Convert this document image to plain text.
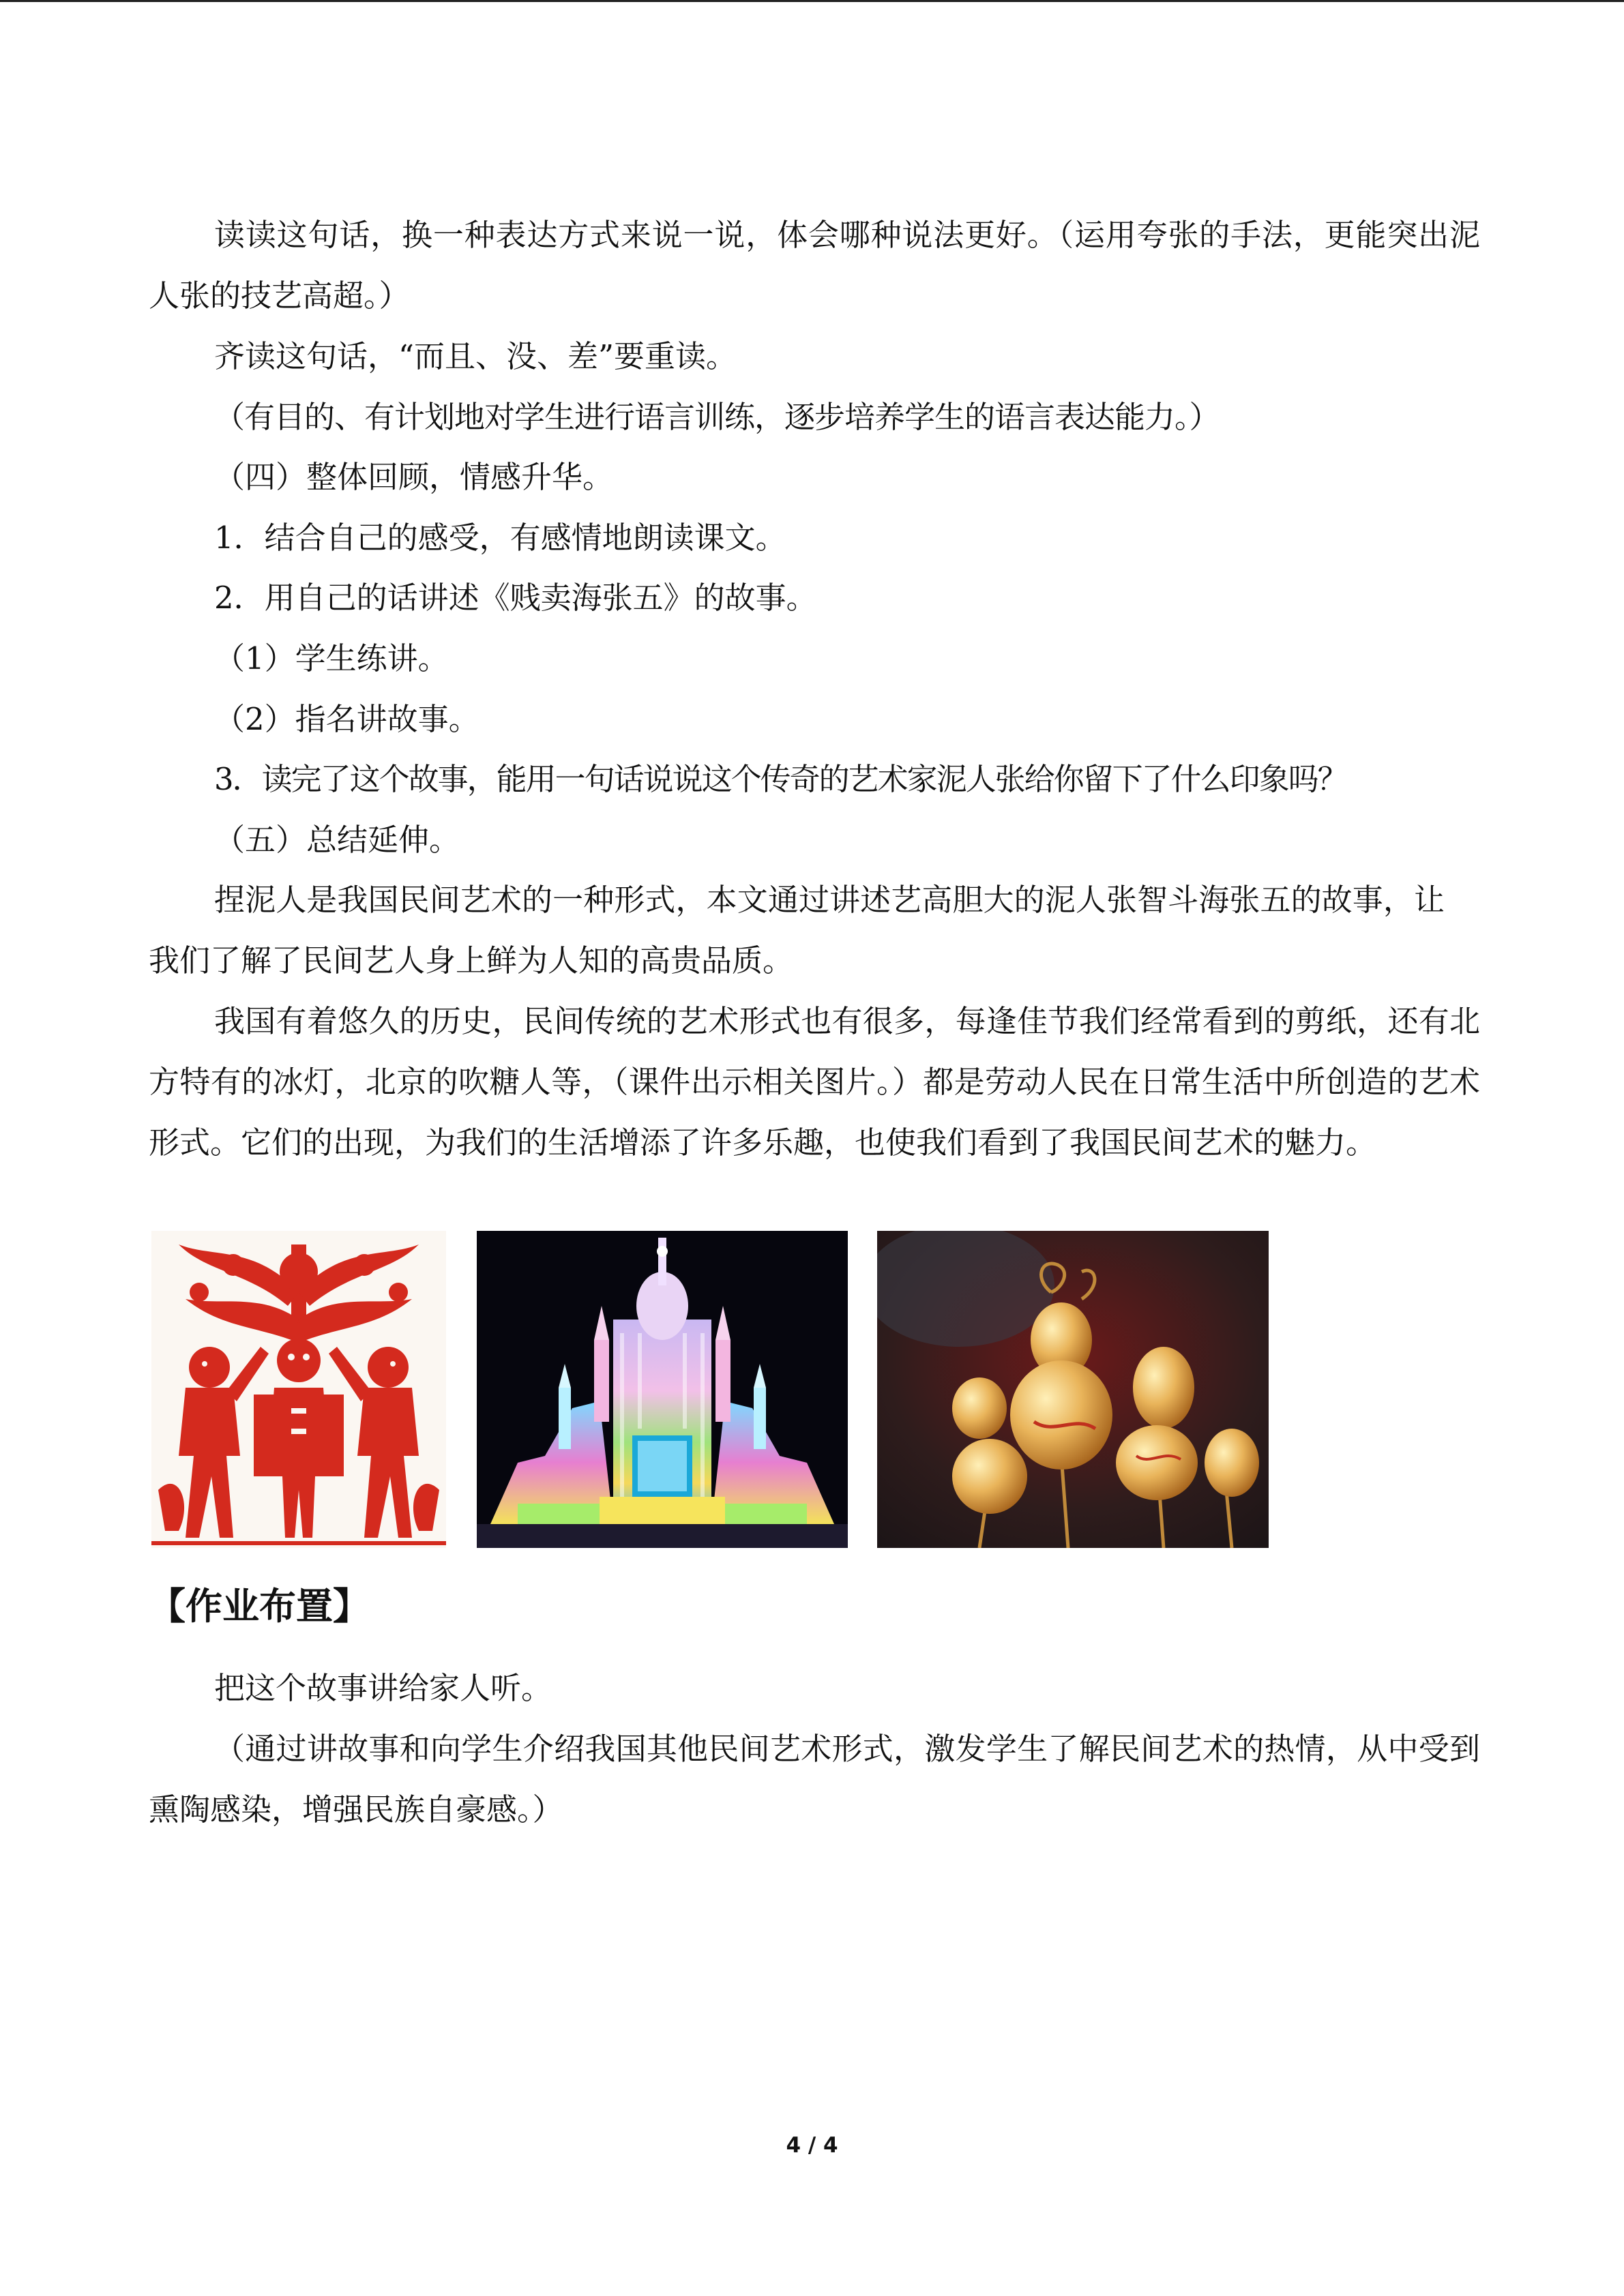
读读这句话，换一种表达方式来说一说，体会哪种说法更好。（运用夸张的手法，更能突出泥人张的技艺高超。）

齐读这句话，“而且、没、差”要重读。

（有目的、有计划地对学生进行语言训练，逐步培养学生的语言表达能力。）

（四）整体回顾，情感升华。

1．结合自己的感受，有感情地朗读课文。

2．用自己的话讲述《贱卖海张五》的故事。

（1）学生练讲。

（2）指名讲故事。

3．读完了这个故事，能用一句话说说这个传奇的艺术家泥人张给你留下了什么印象吗？

（五）总结延伸。

捏泥人是我国民间艺术的一种形式，本文通过讲述艺高胆大的泥人张智斗海张五的故事，让我们了解了民间艺人身上鲜为人知的高贵品质。

我国有着悠久的历史，民间传统的艺术形式也有很多，每逢佳节我们经常看到的剪纸，还有北方特有的冰灯，北京的吹糖人等，（课件出示相关图片。）都是劳动人民在日常生活中所创造的艺术形式。它们的出现，为我们的生活增添了许多乐趣，也使我们看到了我国民间艺术的魅力。

【作业布置】

把这个故事讲给家人听。

（通过讲故事和向学生介绍我国其他民间艺术形式，激发学生了解民间艺术的热情，从中受到熏陶感染，增强民族自豪感。）

4 / 4
